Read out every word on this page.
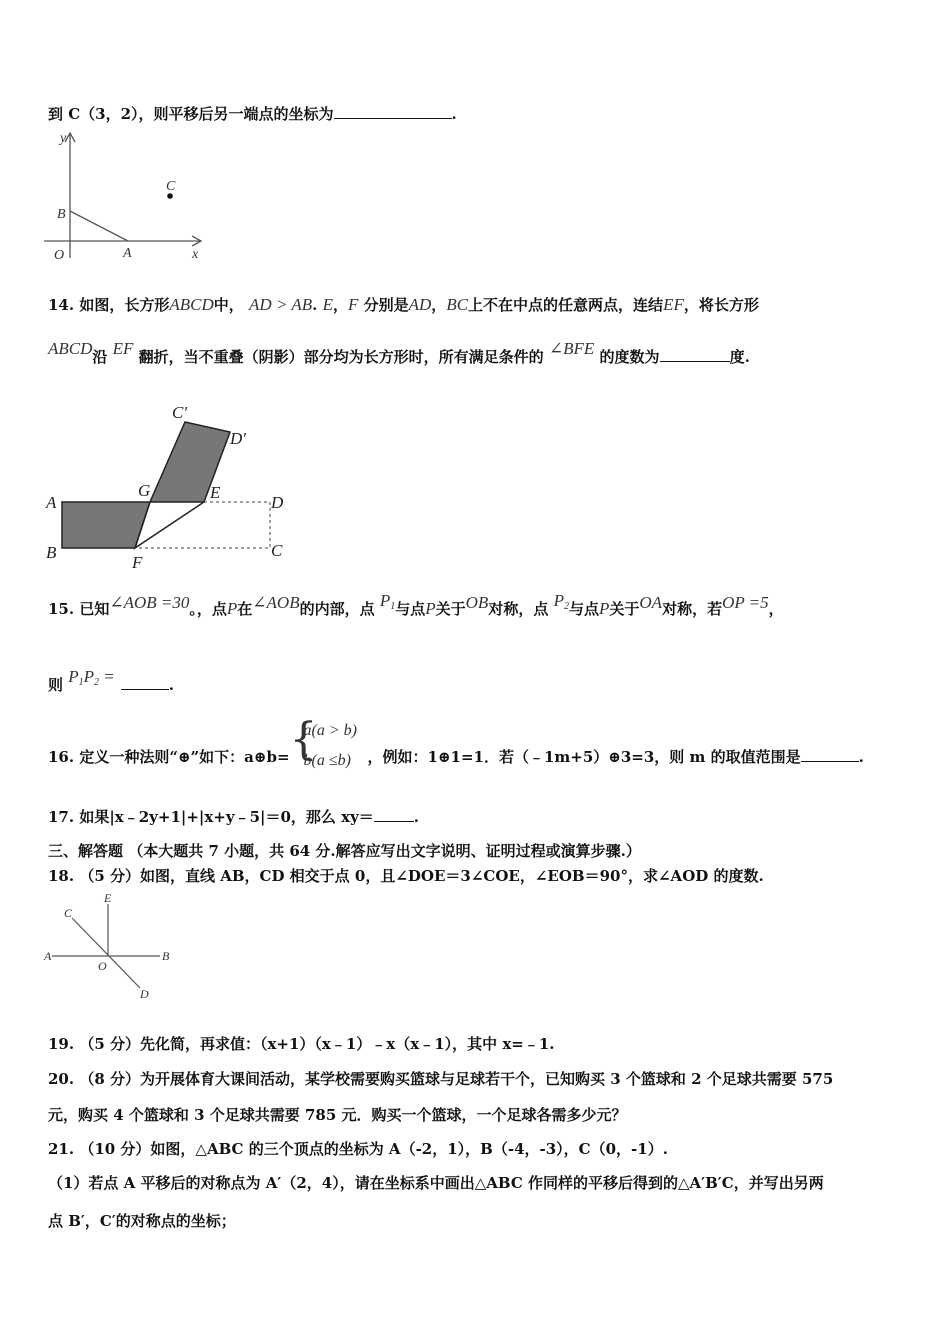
到 C（3，2），则平移后另一端点的坐标为	.
y
x
O	A
B
C
14. 如图，长方形ABCD中， AD > AB. E，F 分别是AD，BC上不在中点的任意两点，连结EF，将长方形
ABCD沿 EF 翻折，当不重叠（阴影）部分均为长方形时，所有满足条件的 ∠BFE 的度数为	度.
C′
D′
A
G	E
D
B
F
C
15. 已知∠AOB =30。，点P在∠AOB的内部，点 $P_1$与点P关于OB对称，点 $P_2$与点P关于OA对称，若OP =5，
则 $P_1P_2$ =	.
16. 定义一种法则“⊕”如下：a⊕b= {
a(a > b)
b(a ≤b) ，例如：1⊕1=1．若（﹣1m+5）⊕3=3，则 m 的取值范围是	.
17. 如果|x﹣2y+1|+|x+y﹣5|＝0，那么 xy＝	.
三、解答题 （本大题共 7 小题，共 64 分.解答应写出文字说明、证明过程或演算步骤.）
18. （5 分）如图，直线 AB，CD 相交于点 0，且∠DOE＝3∠COE，∠EOB＝90°，求∠AOD 的度数.
C
E
A
O
B
D
19. （5 分）先化简，再求值：（x+1）（x﹣1）﹣x（x﹣1），其中 x=﹣1.
20. （8 分）为开展体育大课间活动，某学校需要购买篮球与足球若干个，已知购买 3 个篮球和 2 个足球共需要 575
元，购买 4 个篮球和 3 个足球共需要 785 元．购买一个篮球，一个足球各需多少元？
21. （10 分）如图，△ABC 的三个顶点的坐标为 A（-2，1），B（-4，-3），C（0，-1）.
（1）若点 A 平移后的对称点为 A′（2，4），请在坐标系中画出△ABC 作同样的平移后得到的△A′B′C，并写出另两
点 B′，C′的对称点的坐标；
